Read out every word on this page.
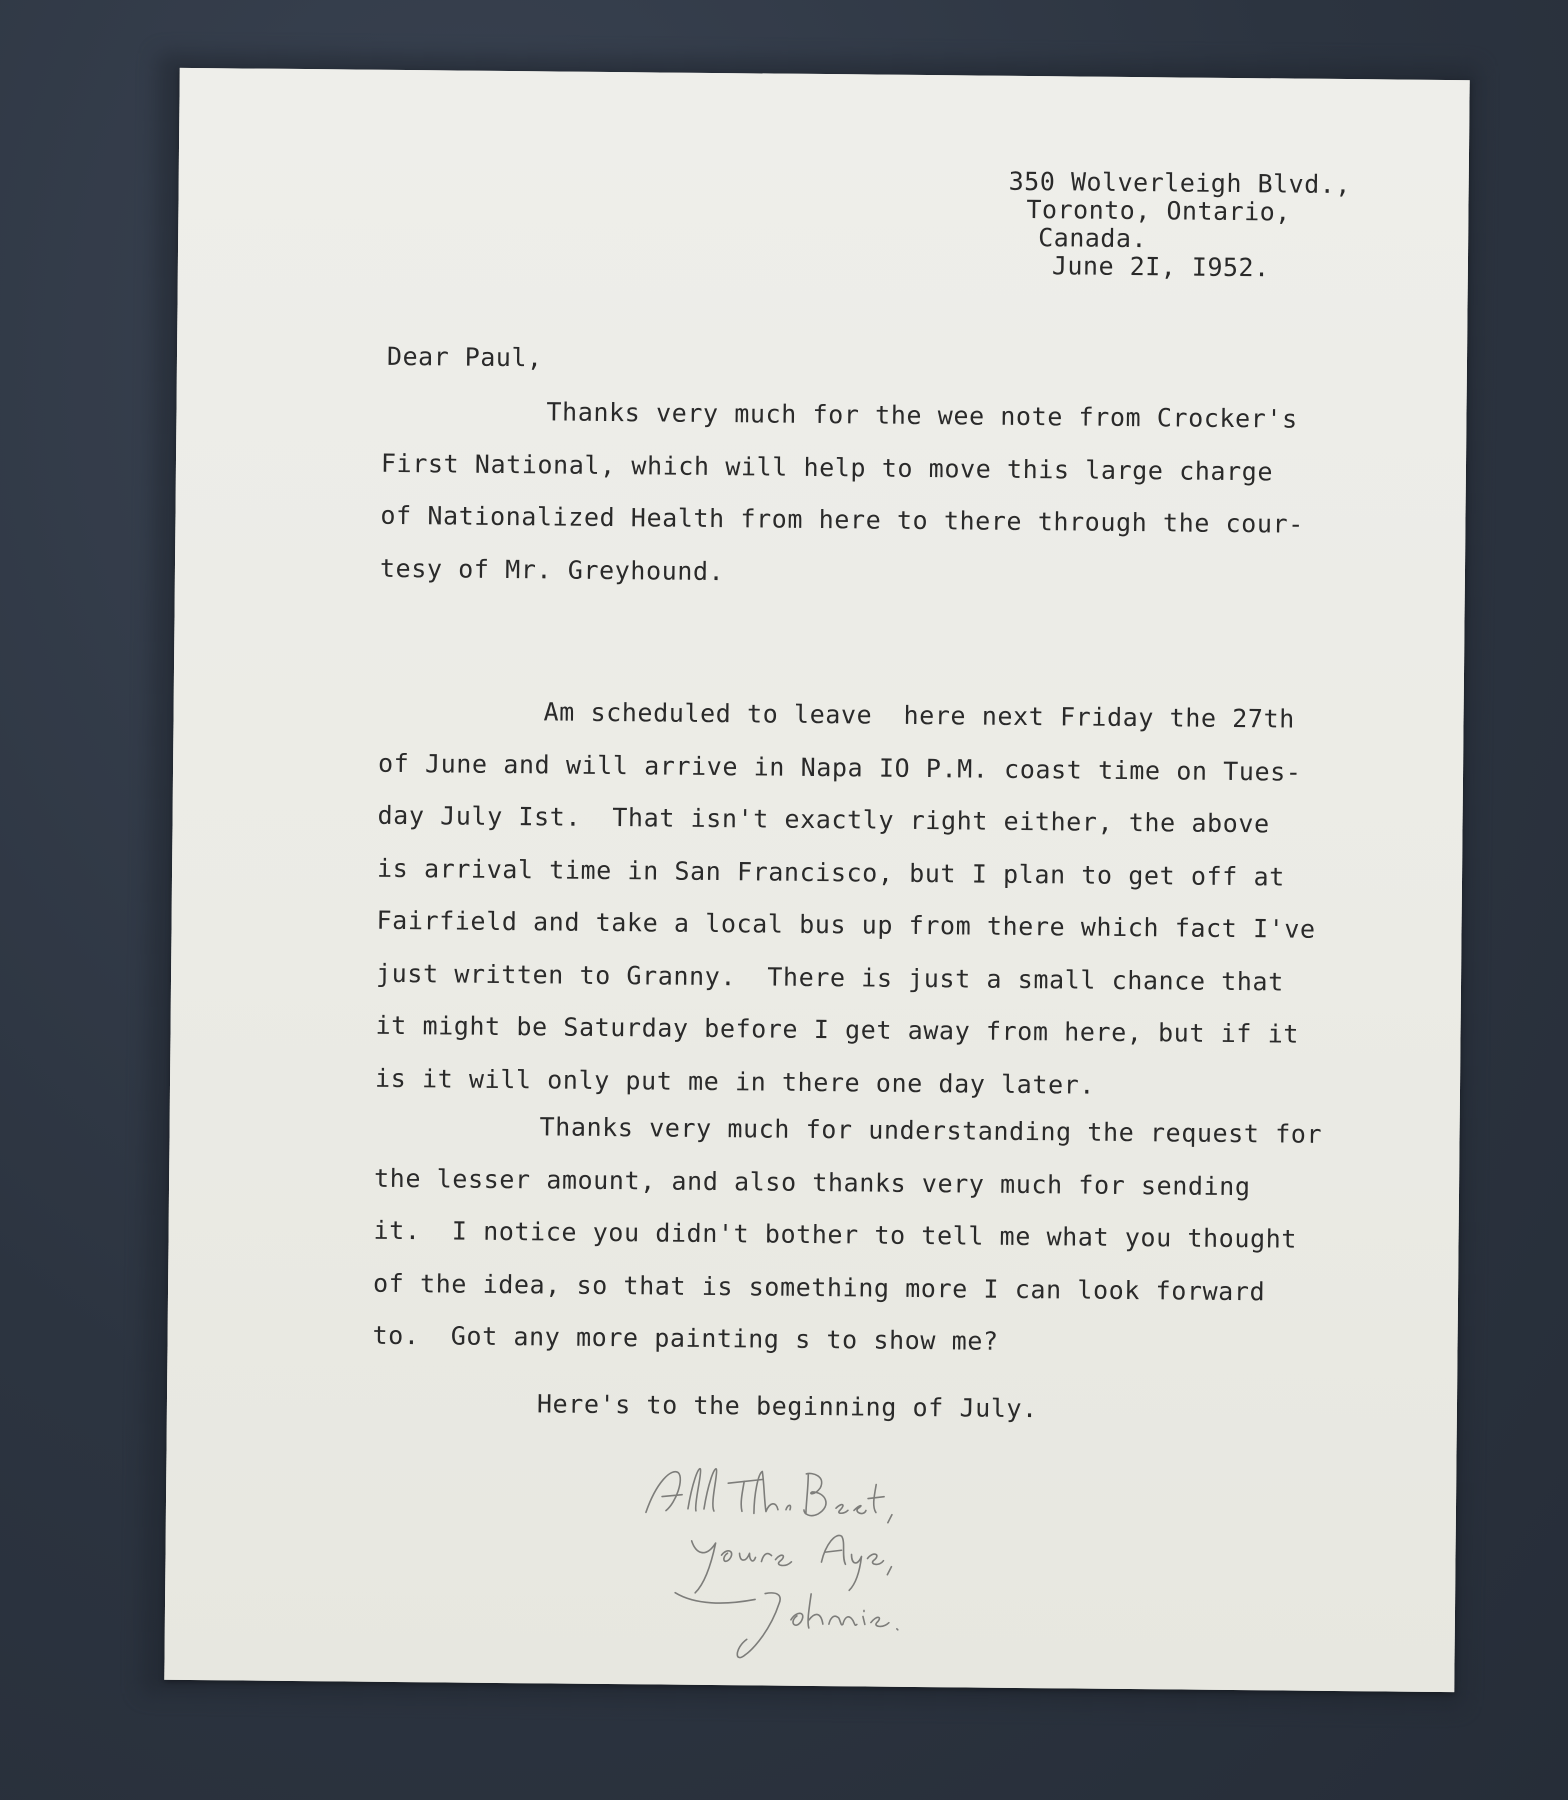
350 Wolverleigh Blvd.,
Toronto, Ontario,
Canada.
June 2I, I952.
Dear Paul,
Thanks very much for the wee note from Crocker's
First National, which will help to move this large charge
of Nationalized Health from here to there through the cour-
tesy of Mr. Greyhound.
Am scheduled to leave  here next Friday the 27th
of June and will arrive in Napa IO P.M. coast time on Tues-
day July Ist.  That isn't exactly right either, the above
is arrival time in San Francisco, but I plan to get off at
Fairfield and take a local bus up from there which fact I've
just written to Granny.  There is just a small chance that
it might be Saturday before I get away from here, but if it
is it will only put me in there one day later.
Thanks very much for understanding the request for
the lesser amount, and also thanks very much for sending
it.  I notice you didn't bother to tell me what you thought
of the idea, so that is something more I can look forward
to.  Got any more painting s to show me?
Here's to the beginning of July.
